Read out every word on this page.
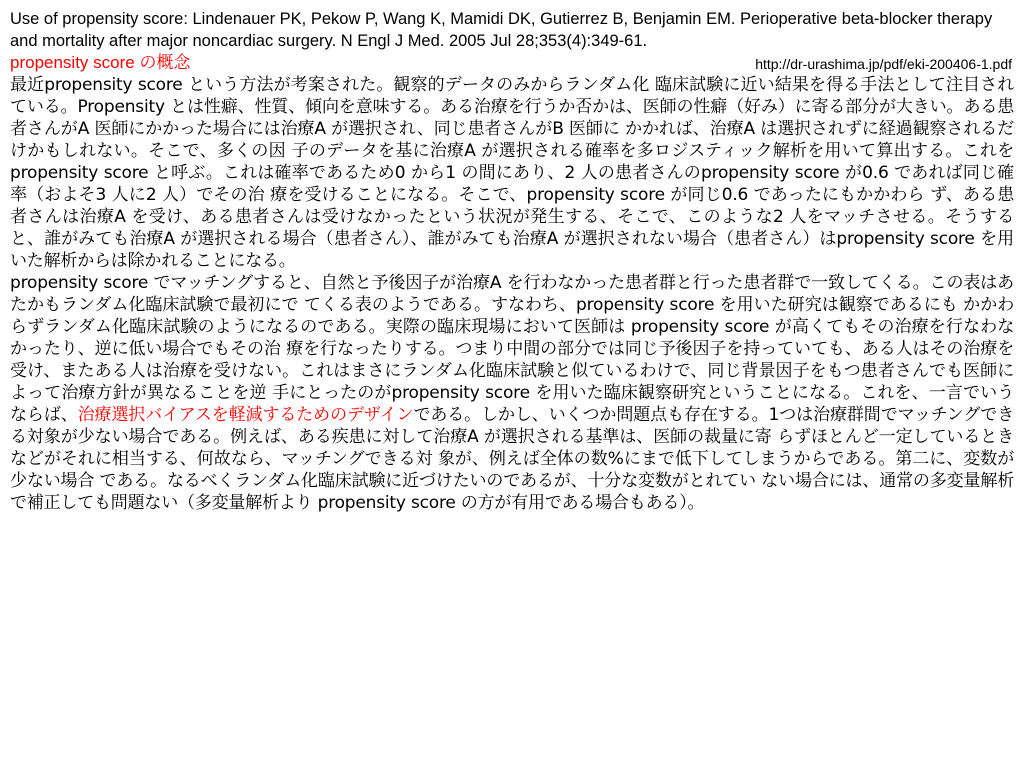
Use of propensity score: Lindenauer PK, Pekow P, Wang K, Mamidi DK, Gutierrez B, Benjamin EM. Perioperative beta-blocker therapy and mortality after major noncardiac surgery. N Engl J Med. 2005 Jul 28;353(4):349-61.

propensity score の概念	http://dr-urashima.jp/pdf/eki-200406-1.pdf

最近propensity score という方法が考案された。観察的データのみからランダム化 臨床試験に近い結果を得る手法として注目されている。Propensity とは性癖、性質、傾向を意味する。ある治療を行うか否かは、医師の性癖（好み）に寄る部分が大きい。ある患者さんがA 医師にかかった場合には治療A が選択され、同じ患者さんがB 医師に かかれば、治療A は選択されずに経過観察されるだけかもしれない。そこで、多くの因 子のデータを基に治療A が選択される確率を多ロジスティック解析を用いて算出する。これをpropensity score と呼ぶ。これは確率であるため0 から1 の間にあり、2 人の患者さんのpropensity score が0.6 であれば同じ確率（およそ3 人に2 人）でその治 療を受けることになる。そこで、propensity score が同じ0.6 であったにもかかわら ず、ある患者さんは治療A を受け、ある患者さんは受けなかったという状況が発生する、そこで、このような2 人をマッチさせる。そうすると、誰がみても治療A が選択される場合（患者さん）、誰がみても治療A が選択されない場合（患者さん）はpropensity score を用いた解析からは除かれることになる。

propensity score でマッチングすると、自然と予後因子が治療A を行わなかった患者群と行った患者群で一致してくる。この表はあたかもランダム化臨床試験で最初にで てくる表のようである。すなわち、propensity score を用いた研究は観察であるにも かかわらずランダム化臨床試験のようになるのである。実際の臨床現場において医師は propensity score が高くてもその治療を行なわなかったり、逆に低い場合でもその治 療を行なったりする。つまり中間の部分では同じ予後因子を持っていても、ある人はその治療を受け、またある人は治療を受けない。これはまさにランダム化臨床試験と似ているわけで、同じ背景因子をもつ患者さんでも医師によって治療方針が異なることを逆 手にとったのがpropensity score を用いた臨床観察研究ということになる。これを、一言でいうならば、治療選択バイアスを軽減するためのデザインである。しかし、いくつか問題点も存在する。1つは治療群間でマッチングできる対象が少ない場合である。例えば、ある疾患に対して治療A が選択される基準は、医師の裁量に寄 らずほとんど一定しているときなどがそれに相当する、何故なら、マッチングできる対 象が、例えば全体の数%にまで低下してしまうからである。第二に、変数が少ない場合 である。なるべくランダム化臨床試験に近づけたいのであるが、十分な変数がとれてい ない場合には、通常の多変量解析で補正しても問題ない（多変量解析より propensity score の方が有用である場合もある）。
